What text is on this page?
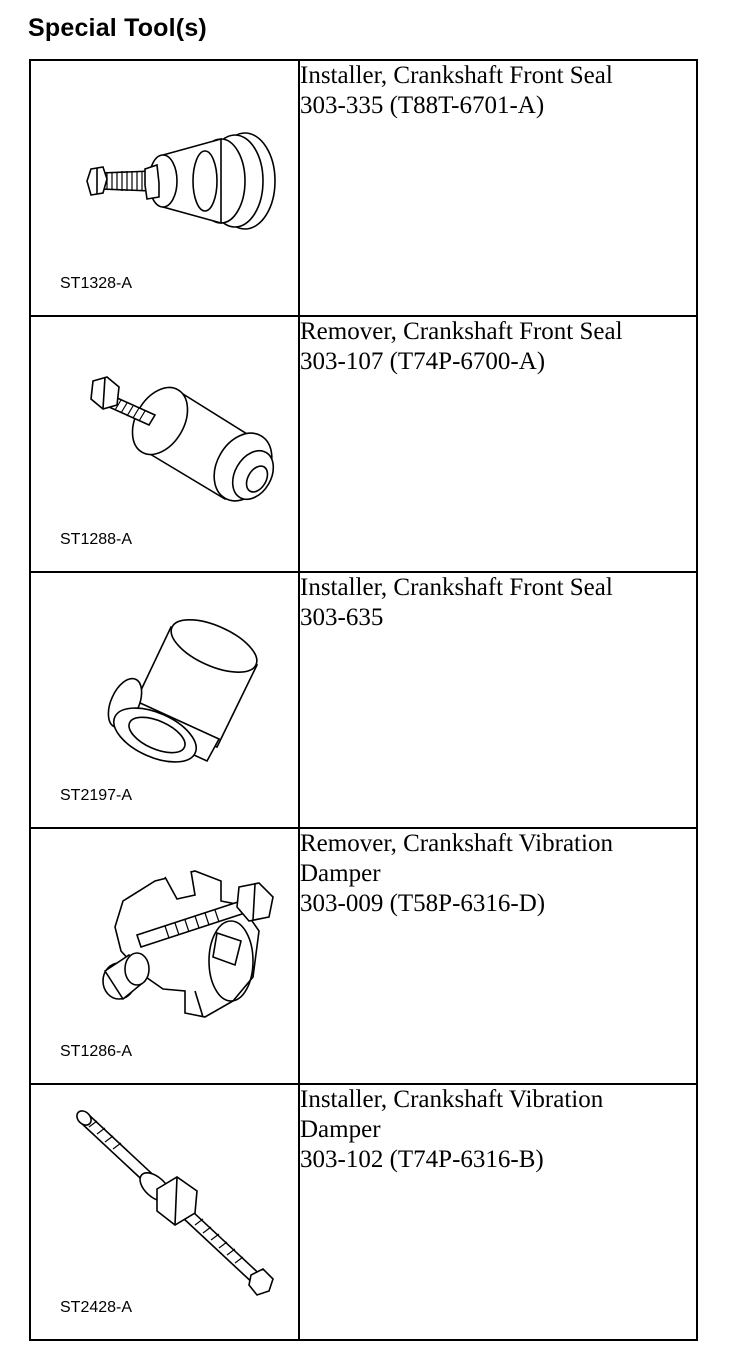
Special Tool(s)
ST1328-A	Installer, Crankshaft Front Seal
303-335 (T88T-6701-A)

ST1288-A	Remover, Crankshaft Front Seal
303-107 (T74P-6700-A)

ST2197-A	Installer, Crankshaft Front Seal
303-635

ST1286-A	Remover, Crankshaft Vibration
Damper
303-009 (T58P-6316-D)

ST2428-A	Installer, Crankshaft Vibration
Damper
303-102 (T74P-6316-B)
